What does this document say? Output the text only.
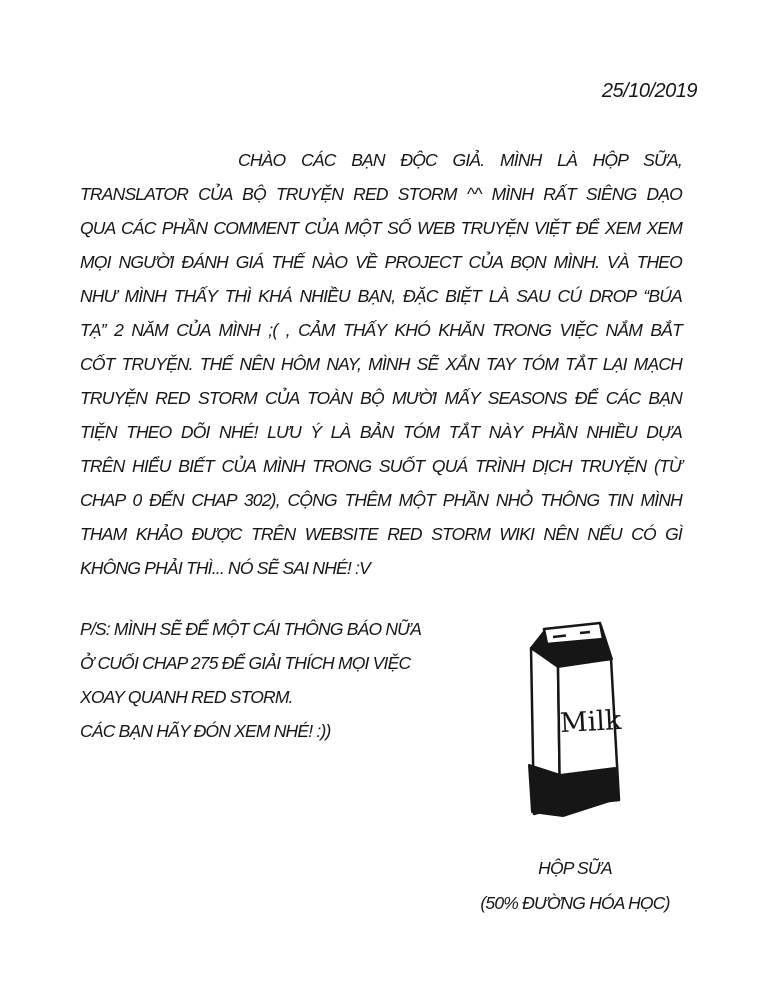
25/10/2019
CHÀO CÁC BẠN ĐỘC GIẢ. MÌNH LÀ HỘP SỮA,
TRANSLATOR CỦA BỘ TRUYỆN RED STORM ^^ MÌNH RẤT SIÊNG DẠO
QUA CÁC PHẦN COMMENT CỦA MỘT SỐ WEB TRUYỆN VIỆT ĐỂ XEM XEM
MỌI NGƯỜI ĐÁNH GIÁ THẾ NÀO VỀ PROJECT CỦA BỌN MÌNH. VÀ THEO
NHƯ MÌNH THẤY THÌ KHÁ NHIỀU BẠN, ĐẶC BIỆT LÀ SAU CÚ DROP “BÚA
TẠ” 2 NĂM CỦA MÌNH ;( , CẢM THẤY KHÓ KHĂN TRONG VIỆC NẮM BẮT
CỐT TRUYỆN. THẾ NÊN HÔM NAY, MÌNH SẼ XẮN TAY TÓM TẮT LẠI MẠCH
TRUYỆN RED STORM CỦA TOÀN BỘ MƯỜI MẤY SEASONS ĐỂ CÁC BẠN
TIỆN THEO DÕI NHÉ! LƯU Ý LÀ BẢN TÓM TẮT NÀY PHẦN NHIỀU DỰA
TRÊN HIỂU BIẾT CỦA MÌNH TRONG SUỐT QUÁ TRÌNH DỊCH TRUYỆN (TỪ
CHAP 0 ĐẾN CHAP 302), CỘNG THÊM MỘT PHẦN NHỎ THÔNG TIN MÌNH
THAM KHẢO ĐƯỢC TRÊN WEBSITE RED STORM WIKI NÊN NẾU CÓ GÌ
KHÔNG PHẢI THÌ... NÓ SẼ SAI NHÉ! :V
P/S: MÌNH SẼ ĐỂ MỘT CÁI THÔNG BÁO NỮA
Ở CUỐI CHAP 275 ĐỂ GIẢI THÍCH MỌI VIỆC
XOAY QUANH RED STORM.
CÁC BẠN HÃY ĐÓN XEM NHÉ! :))	Milk
HỘP SỮA
(50% ĐƯỜNG HÓA HỌC)
